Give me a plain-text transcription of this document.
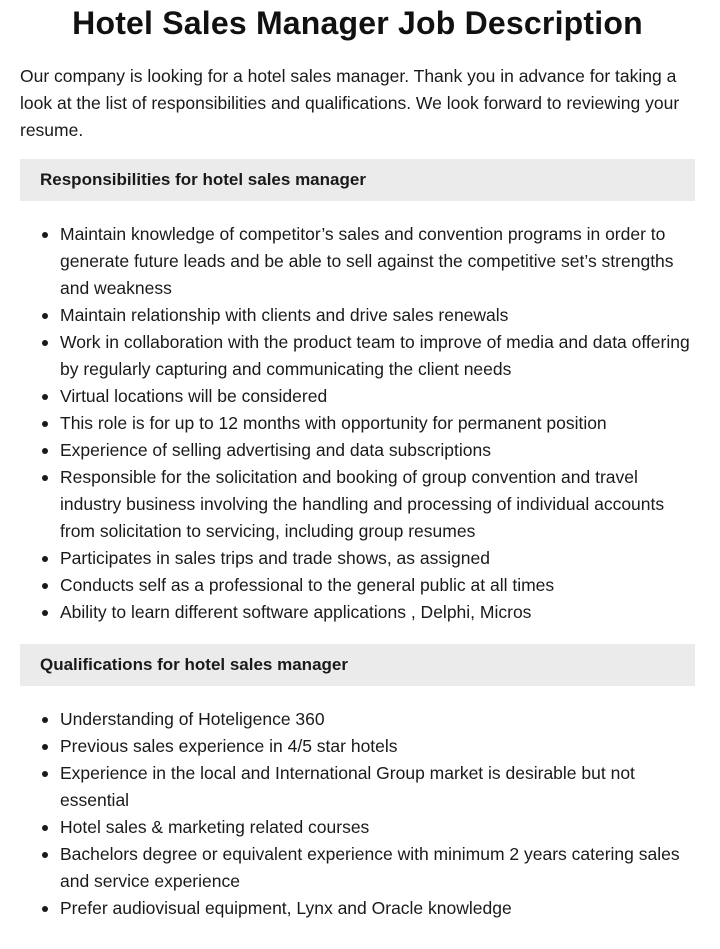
Hotel Sales Manager Job Description

Our company is looking for a hotel sales manager. Thank you in advance for taking a look at the list of responsibilities and qualifications. We look forward to reviewing your resume.

Responsibilities for hotel sales manager
Maintain knowledge of competitor’s sales and convention programs in order to generate future leads and be able to sell against the competitive set’s strengths and weakness
Maintain relationship with clients and drive sales renewals
Work in collaboration with the product team to improve of media and data offering by regularly capturing and communicating the client needs
Virtual locations will be considered
This role is for up to 12 months with opportunity for permanent position
Experience of selling advertising and data subscriptions
Responsible for the solicitation and booking of group convention and travel industry business involving the handling and processing of individual accounts from solicitation to servicing, including group resumes
Participates in sales trips and trade shows, as assigned
Conducts self as a professional to the general public at all times
Ability to learn different software applications , Delphi, Micros
Qualifications for hotel sales manager
Understanding of Hoteligence 360
Previous sales experience in 4/5 star hotels
Experience in the local and International Group market is desirable but not essential
Hotel sales & marketing related courses
Bachelors degree or equivalent experience with minimum 2 years catering sales and service experience
Prefer audiovisual equipment, Lynx and Oracle knowledge
